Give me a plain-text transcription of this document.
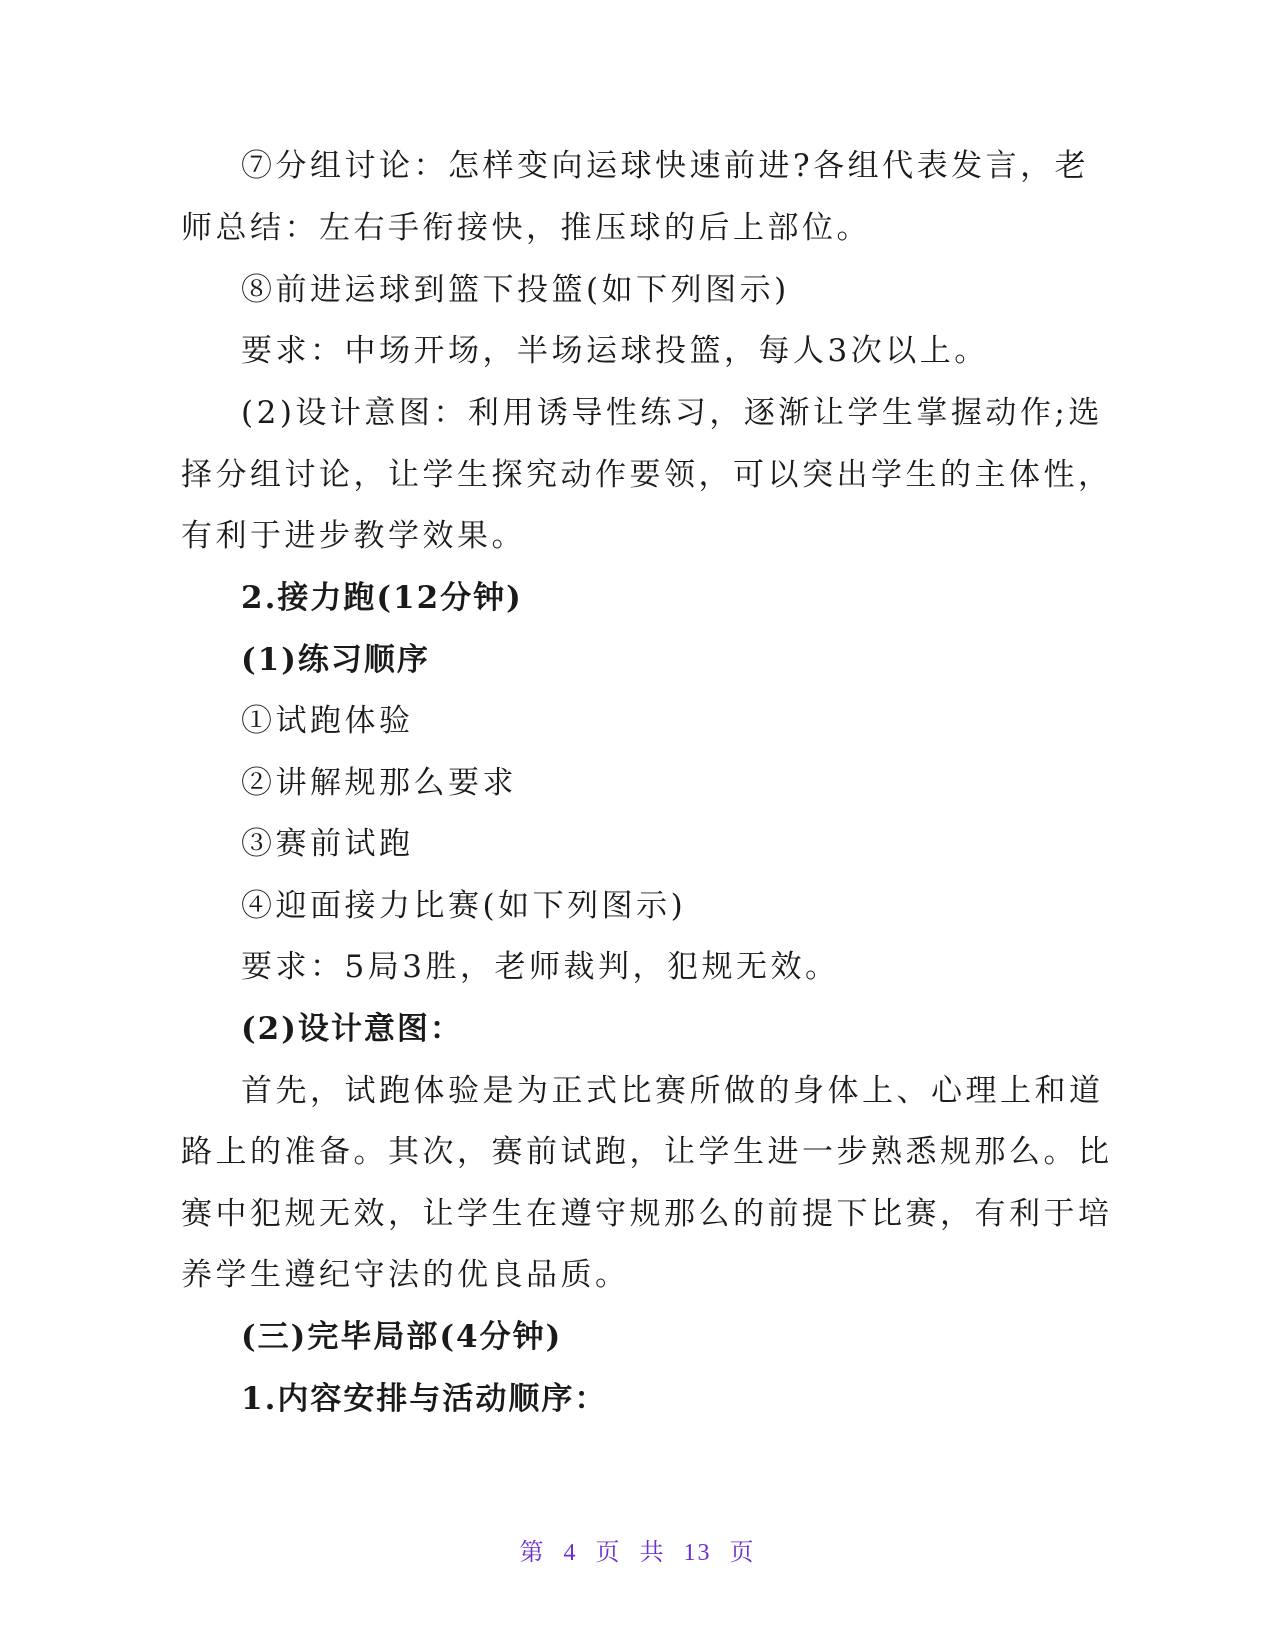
⑦分组讨论：怎样变向运球快速前进?各组代表发言，老
师总结：左右手衔接快，推压球的后上部位。
⑧前进运球到篮下投篮(如下列图示)
要求：中场开场，半场运球投篮，每人3次以上。
(2)设计意图：利用诱导性练习，逐渐让学生掌握动作;选
择分组讨论，让学生探究动作要领，可以突出学生的主体性，
有利于进步教学效果。
2.接力跑(12分钟)
(1)练习顺序
①试跑体验
②讲解规那么要求
③赛前试跑
④迎面接力比赛(如下列图示)
要求：5局3胜，老师裁判，犯规无效。
(2)设计意图：
首先，试跑体验是为正式比赛所做的身体上、心理上和道
路上的准备。其次，赛前试跑，让学生进一步熟悉规那么。比
赛中犯规无效，让学生在遵守规那么的前提下比赛，有利于培
养学生遵纪守法的优良品质。
(三)完毕局部(4分钟)
1.内容安排与活动顺序：
第 4 页 共 13 页
